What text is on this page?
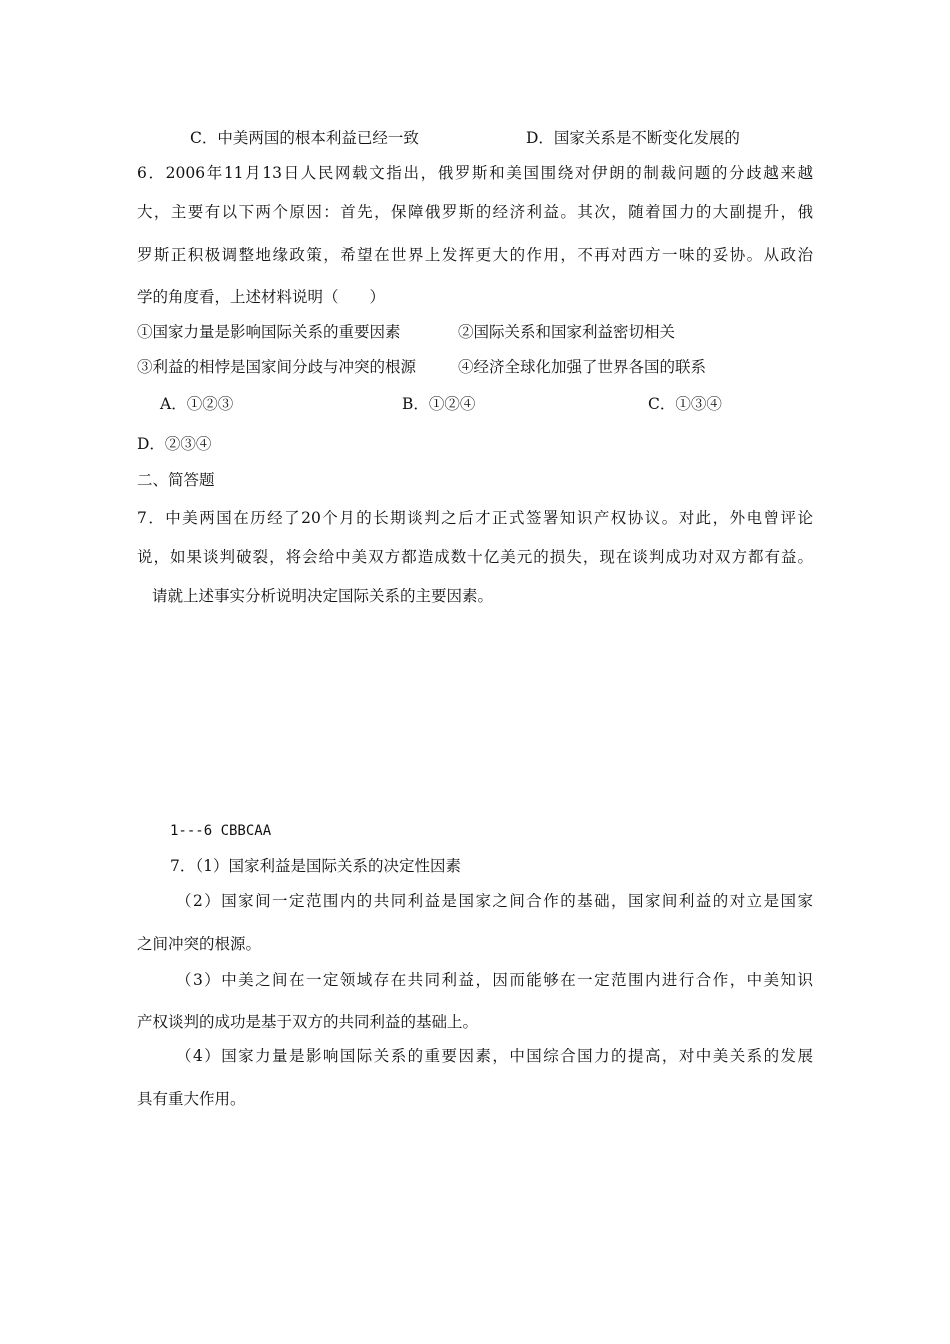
C．中美两国的根本利益已经一致	D．国家关系是不断变化发展的
6．2006年11月13日人民网载文指出，俄罗斯和美国围绕对伊朗的制裁问题的分歧越来越
大，主要有以下两个原因：首先，保障俄罗斯的经济利益。其次，随着国力的大副提升，俄
罗斯正积极调整地缘政策，希望在世界上发挥更大的作用，不再对西方一味的妥协。从政治
学的角度看，上述材料说明（　　）
①国家力量是影响国际关系的重要因素	②国际关系和国家利益密切相关
③利益的相悖是国家间分歧与冲突的根源	④经济全球化加强了世界各国的联系
A．①②③	B．①②④	C．①③④
D．②③④
二、简答题
7．中美两国在历经了20个月的长期谈判之后才正式签署知识产权协议。对此，外电曾评论
说，如果谈判破裂，将会给中美双方都造成数十亿美元的损失，现在谈判成功对双方都有益。
请就上述事实分析说明决定国际关系的主要因素。
1---6 CBBCAA
7．（1）国家利益是国际关系的决定性因素
（2）国家间一定范围内的共同利益是国家之间合作的基础，国家间利益的对立是国家
之间冲突的根源。
（3）中美之间在一定领域存在共同利益，因而能够在一定范围内进行合作，中美知识
产权谈判的成功是基于双方的共同利益的基础上。
（4）国家力量是影响国际关系的重要因素，中国综合国力的提高，对中美关系的发展
具有重大作用。
